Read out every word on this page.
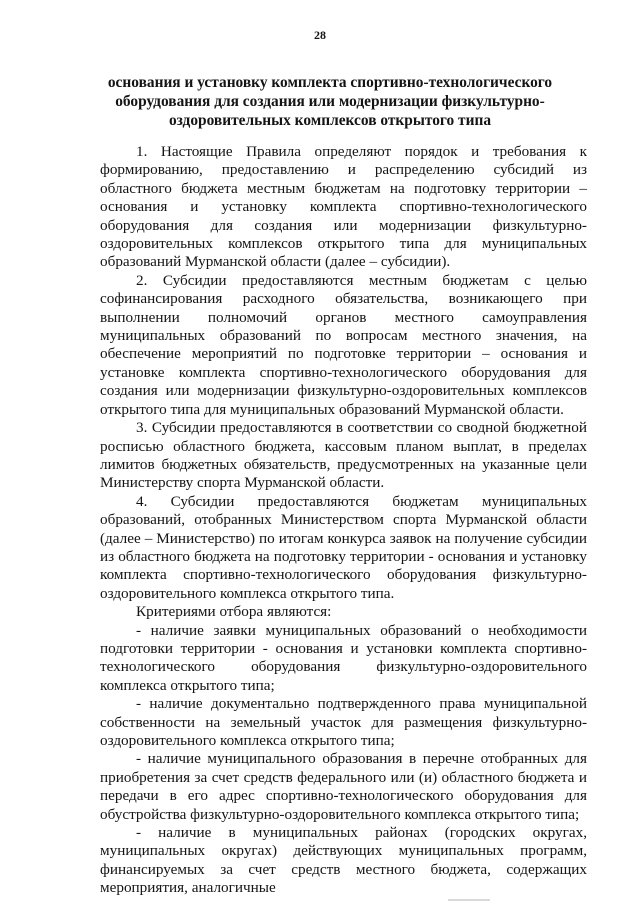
28
основания и установку комплекта спортивно-технологического
оборудования для создания или модернизации физкультурно-
оздоровительных комплексов открытого типа

1. Настоящие Правила определяют порядок и требования к формированию, предоставлению и распределению субсидий из областного бюджета местным бюджетам на подготовку территории – основания и установку комплекта спортивно-технологического оборудования для создания или модернизации физкультурно-оздоровительных комплексов открытого типа для муниципальных образований Мурманской области (далее – субсидии).

2. Субсидии предоставляются местным бюджетам с целью софинансирования расходного обязательства, возникающего при выполнении полномочий органов местного самоуправления муниципальных образований по вопросам местного значения, на обеспечение мероприятий по подготовке территории – основания и установке комплекта спортивно-технологического оборудования для создания или модернизации физкультурно-оздоровительных комплексов открытого типа для муниципальных образований Мурманской области.

3. Субсидии предоставляются в соответствии со сводной бюджетной росписью областного бюджета, кассовым планом выплат, в пределах лимитов бюджетных обязательств, предусмотренных на указанные цели Министерству спорта Мурманской области.

4. Субсидии предоставляются бюджетам муниципальных образований, отобранных Министерством спорта Мурманской области (далее – Министерство) по итогам конкурса заявок на получение субсидии из областного бюджета на подготовку территории - основания и установку комплекта спортивно-технологического оборудования физкультурно-оздоровительного комплекса открытого типа.

Критериями отбора являются:

- наличие заявки муниципальных образований о необходимости подготовки территории - основания и установки комплекта спортивно-технологического оборудования физкультурно-оздоровительного комплекса открытого типа;

- наличие документально подтвержденного права муниципальной собственности на земельный участок для размещения физкультурно-оздоровительного комплекса открытого типа;

- наличие муниципального образования в перечне отобранных для приобретения за счет средств федерального или (и) областного бюджета и передачи в его адрес спортивно-технологического оборудования для обустройства физкультурно-оздоровительного комплекса открытого типа;

- наличие в муниципальных районах (городских округах, муниципальных округах) действующих муниципальных программ, финансируемых за счет средств местного бюджета, содержащих мероприятия, аналогичные
